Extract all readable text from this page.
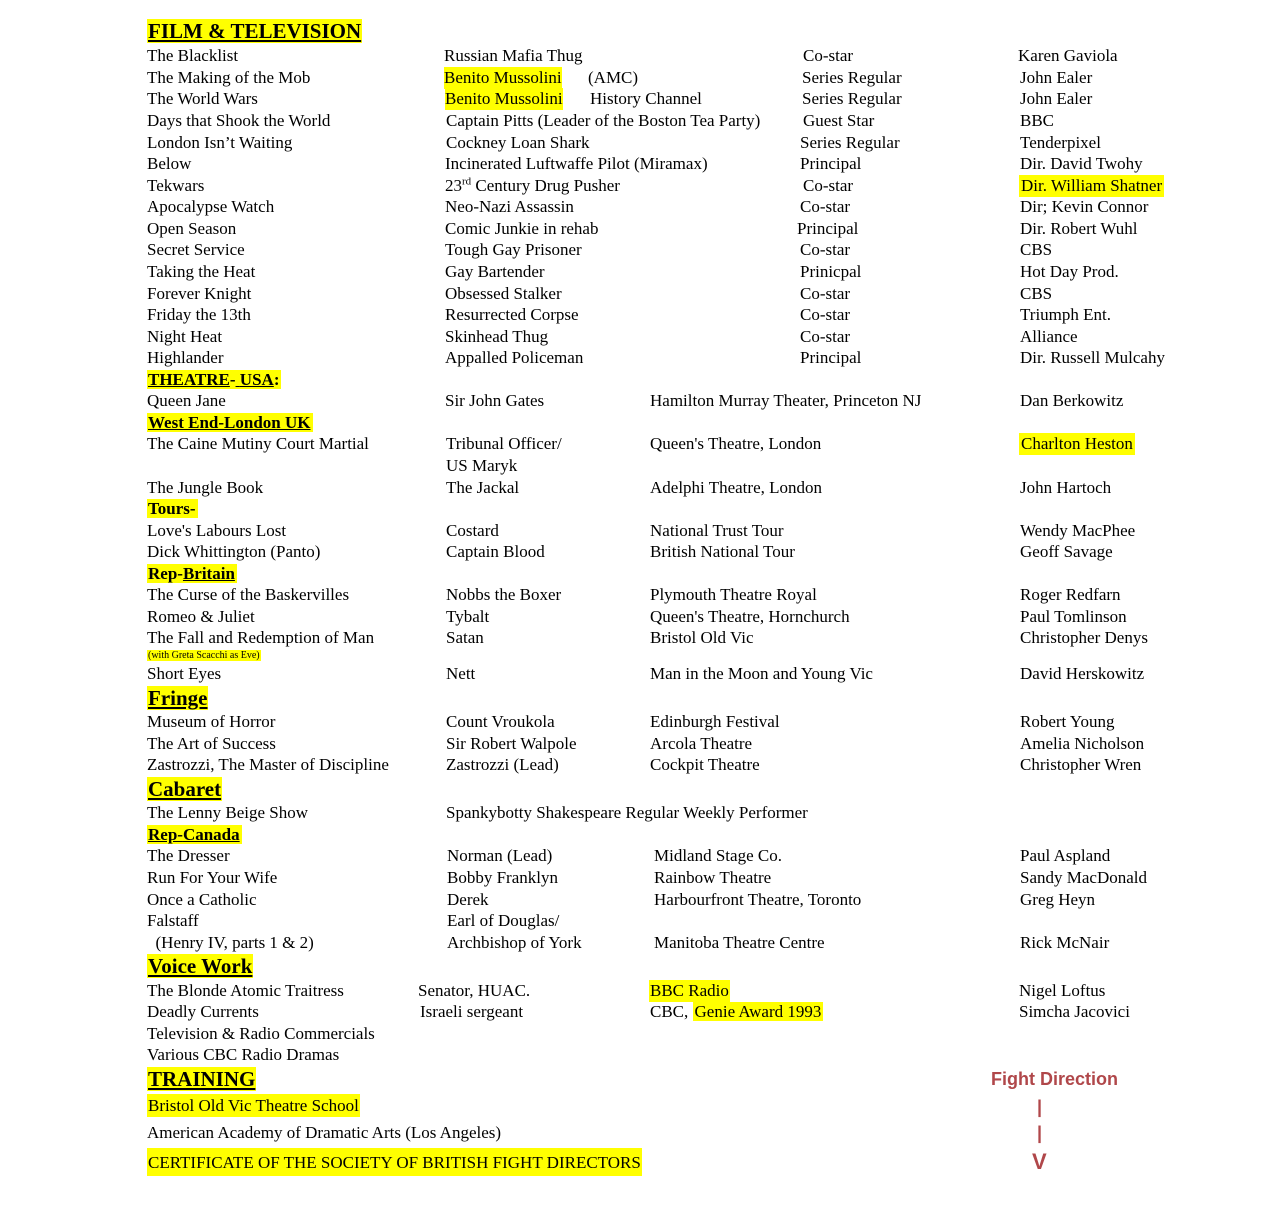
FILM & TELEVISION
The Blacklist	Russian Mafia Thug	Co-star	Karen Gaviola
The Making of the Mob	Benito Mussolini (AMC)	Series Regular	John Ealer
The World Wars	Benito Mussolini History Channel	Series Regular	John Ealer
Days that Shook the World	Captain Pitts (Leader of the Boston Tea Party)	Guest Star	BBC
London Isn’t Waiting	Cockney Loan Shark	Series Regular	Tenderpixel
Below	Incinerated Luftwaffe Pilot (Miramax)	Principal	Dir. David Twohy
Tekwars	23rd Century Drug Pusher	Co-star	Dir. William Shatner
Apocalypse Watch	Neo-Nazi Assassin	Co-star	Dir; Kevin Connor
Open Season	Comic Junkie in rehab	Principal	Dir. Robert Wuhl
Secret Service	Tough Gay Prisoner	Co-star	CBS
Taking the Heat	Gay Bartender	Prinicpal	Hot Day Prod.
Forever Knight	Obsessed Stalker	Co-star	CBS
Friday the 13th	Resurrected Corpse	Co-star	Triumph Ent.
Night Heat	Skinhead Thug	Co-star	Alliance
Highlander	Appalled Policeman	Principal	Dir. Russell Mulcahy
THEATRE- USA:
Queen Jane	Sir John Gates	Hamilton Murray Theater, Princeton NJ	Dan Berkowitz
West End-London UK
The Caine Mutiny Court Martial	Tribunal Officer/	Queen's Theatre, London	Charlton Heston
US Maryk
The Jungle Book	The Jackal	Adelphi Theatre, London	John Hartoch
Tours-
Love's Labours Lost	Costard	National Trust Tour	Wendy MacPhee
Dick Whittington (Panto)	Captain Blood	British National Tour	Geoff Savage
Rep-Britain
The Curse of the Baskervilles	Nobbs the Boxer	Plymouth Theatre Royal	Roger Redfarn
Romeo & Juliet	Tybalt	Queen's Theatre, Hornchurch	Paul Tomlinson
The Fall and Redemption of Man	Satan	Bristol Old Vic	Christopher Denys
(with Greta Scacchi as Eve)
Short Eyes	Nett	Man in the Moon and Young Vic	David Herskowitz
Fringe
Museum of Horror	Count Vroukola	Edinburgh Festival	Robert Young
The Art of Success	Sir Robert Walpole	Arcola Theatre	Amelia Nicholson
Zastrozzi, The Master of Discipline	Zastrozzi (Lead)	Cockpit Theatre	Christopher Wren
Cabaret
The Lenny Beige Show	Spankybotty Shakespeare Regular Weekly Performer
Rep-Canada
The Dresser	Norman (Lead)	Midland Stage Co.	Paul Aspland
Run For Your Wife	Bobby Franklyn	Rainbow Theatre	Sandy MacDonald
Once a Catholic	Derek	Harbourfront Theatre, Toronto	Greg Heyn
Falstaff	Earl of Douglas/
(Henry IV, parts 1 & 2)	Archbishop of York	Manitoba Theatre Centre	Rick McNair
Voice Work
The Blonde Atomic Traitress	Senator, HUAC.	BBC Radio	Nigel Loftus
Deadly Currents	Israeli sergeant	CBC, Genie Award 1993	Simcha Jacovici
Television & Radio Commercials
Various CBC Radio Dramas
TRAINING
Bristol Old Vic Theatre School
American Academy of Dramatic Arts (Los Angeles)
CERTIFICATE OF THE SOCIETY OF BRITISH FIGHT DIRECTORS
Fight Direction
|
|
V
